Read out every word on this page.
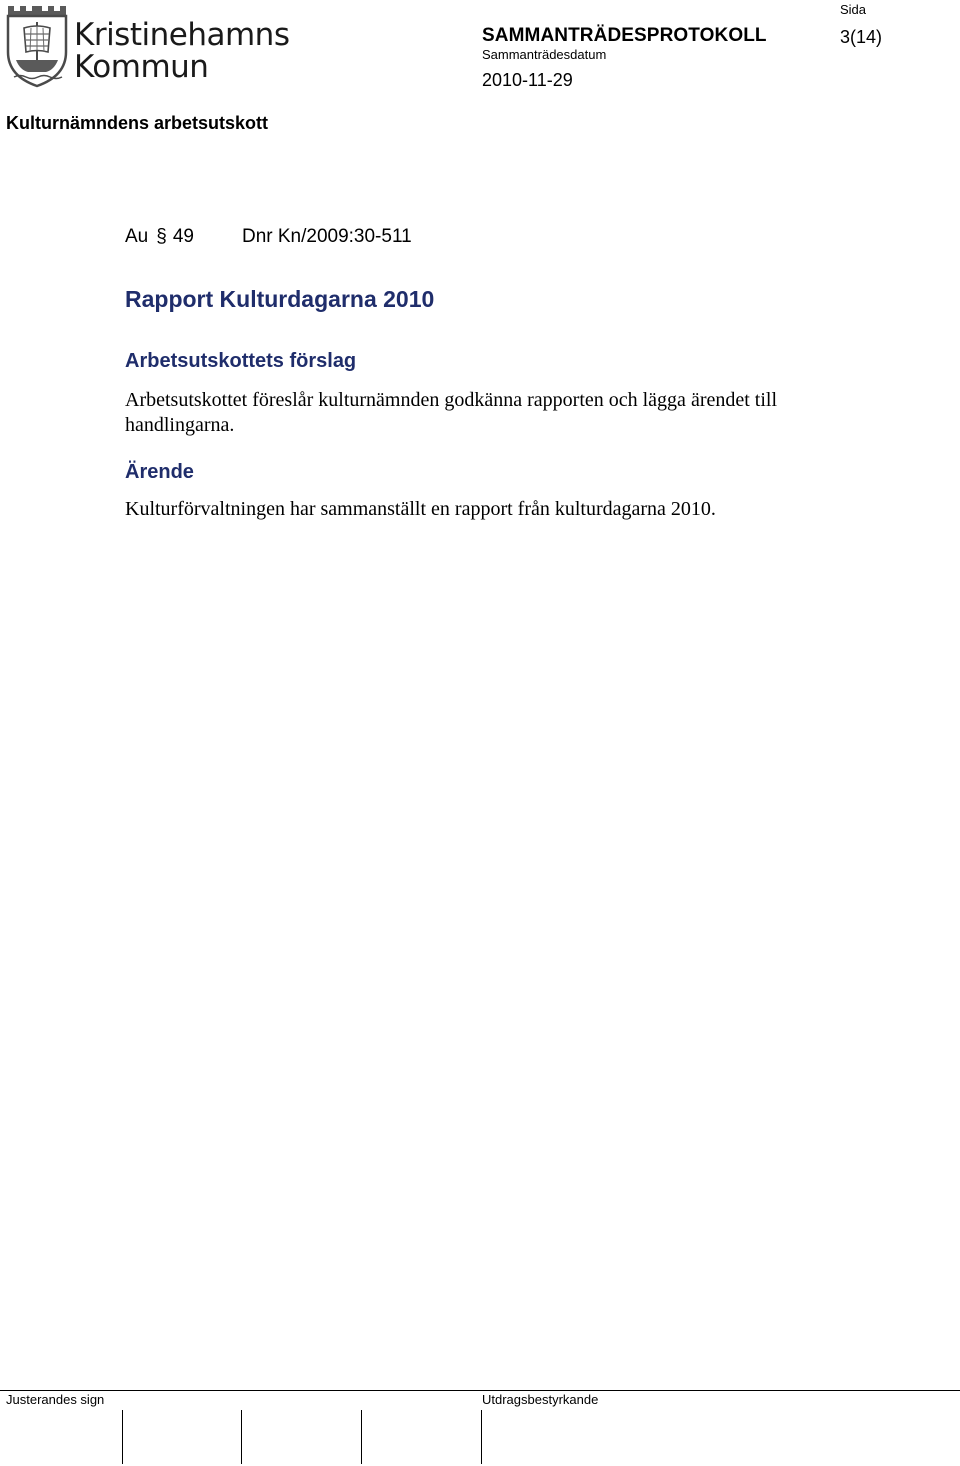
Kristinehamns
Kommun
Sida
3(14)
SAMMANTRÄDESPROTOKOLL
Sammanträdesdatum
2010-11-29
Kulturnämndens arbetsutskott
Au § 49	Dnr Kn/2009:30-511
Rapport Kulturdagarna 2010
Arbetsutskottets förslag
Arbetsutskottet föreslår kulturnämnden godkänna rapporten och lägga ärendet till handlingarna.
Ärende
Kulturförvaltningen har sammanställt en rapport från kulturdagarna 2010.
Justerandes sign	Utdragsbestyrkande
